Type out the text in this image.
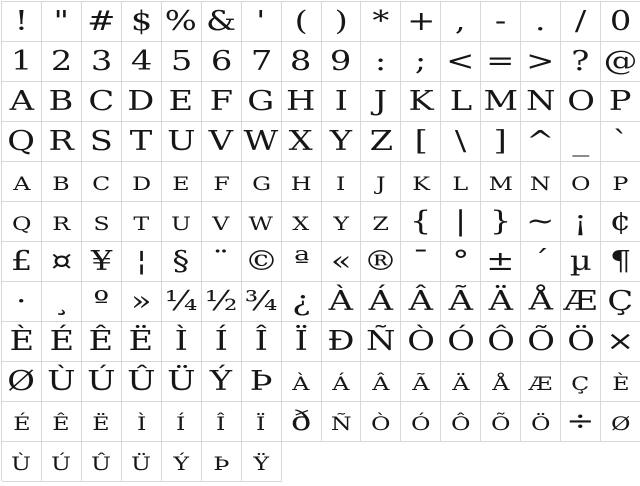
! " # $ % & '	( ) * + ,	-	.	/ 0
1 2 3 4 5 6 7 8 9 :	; < = > ? @
A B C D E F G H I J K L M N O P
Q R S T U V W X Y Z [	\	] ^ _ `
a b c d e f g h i	j k l m n o p
q r s t u v w x y z { | } ~ ¡ ¢
£ ¤ ¥ ¦ § ¨ © ª « ® ¯ ° ± ´ µ ¶
· ¸ º » ¼ ½ ¾ ¿ À Á Â Ã Ä Å Æ Ç
È É Ê Ë Ì Í Î Ï Ð Ñ Ò Ó Ô Õ Ö ×
Ø Ù Ú Û Ü Ý Þ à á â ã ä å æ ç è
é ê ë ì	í	î	ï ð ñ ò ó ô õ ö ÷ ø
ù ú û ü ý þ ÿ
